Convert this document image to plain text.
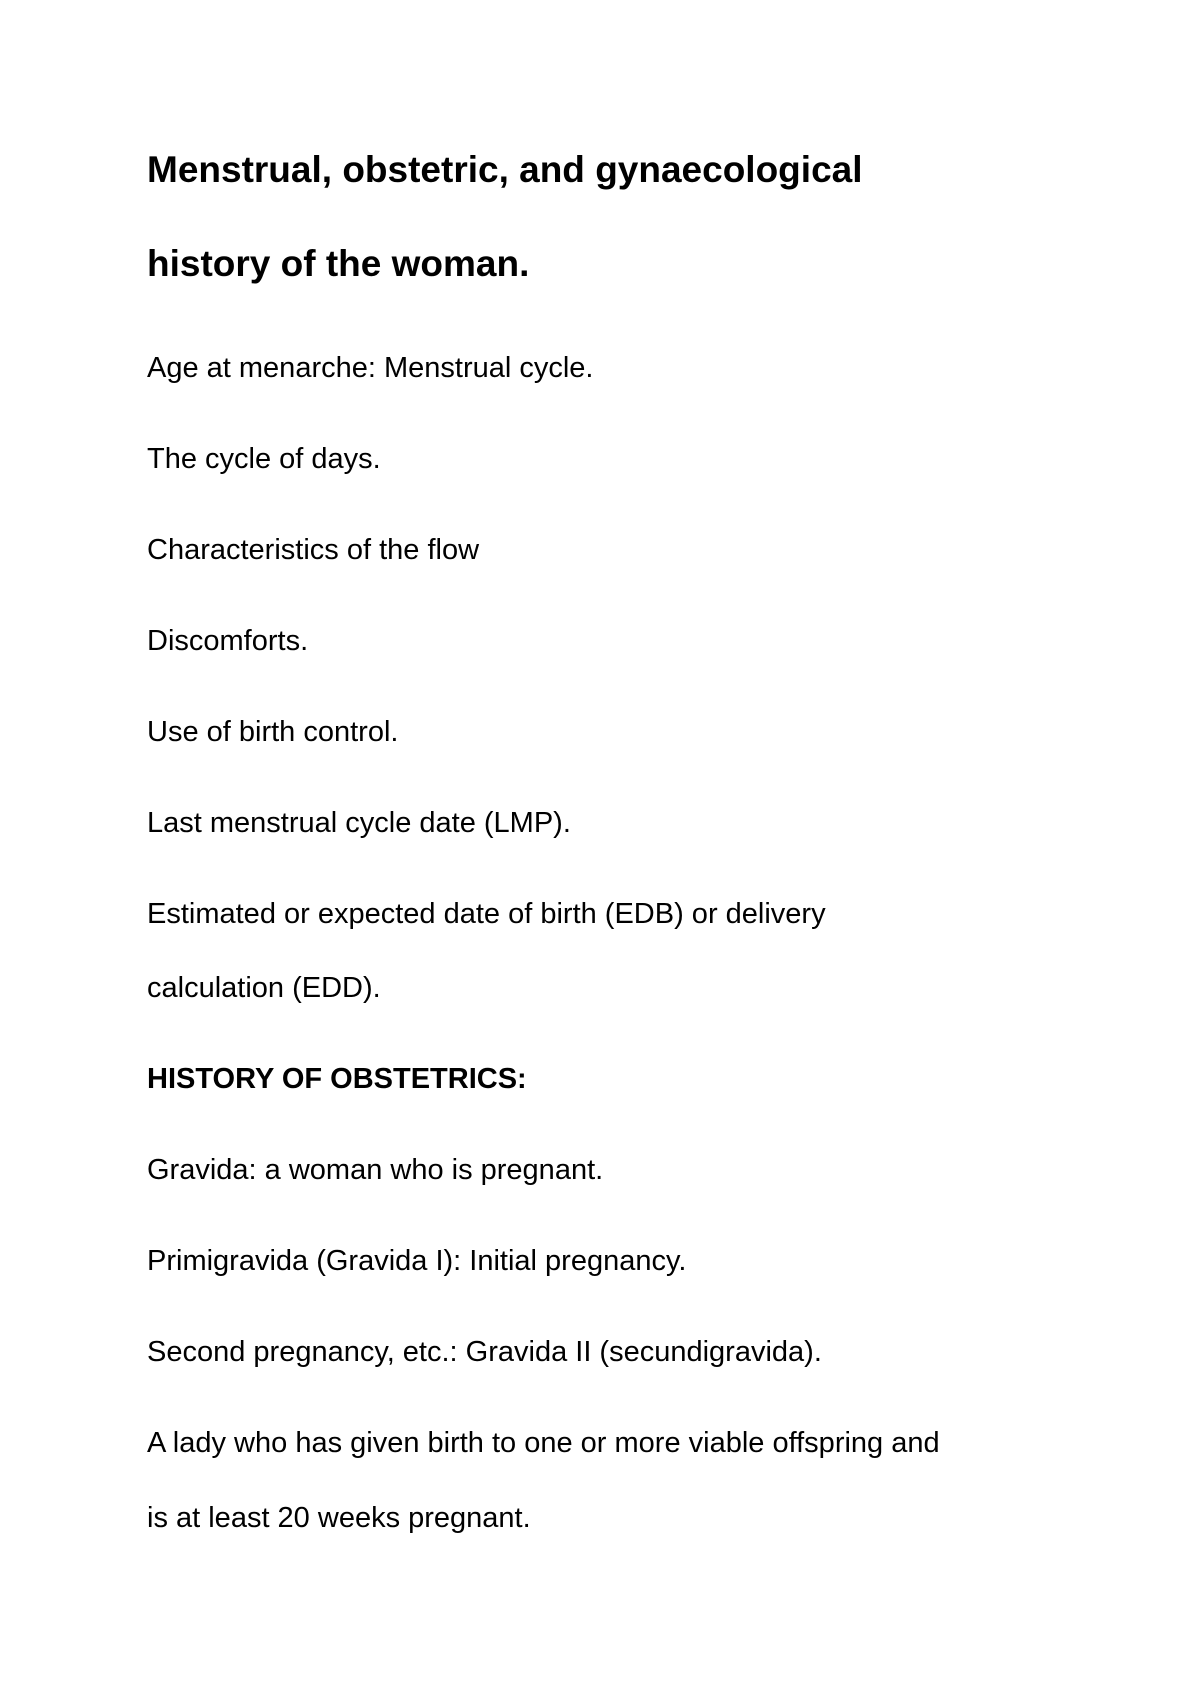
Menstrual, obstetric, and gynaecological
history of the woman.

Age at menarche: Menstrual cycle.

The cycle of days.

Characteristics of the flow

Discomforts.

Use of birth control.

Last menstrual cycle date (LMP).

Estimated or expected date of birth (EDB) or delivery

calculation (EDD).

HISTORY OF OBSTETRICS:

Gravida: a woman who is pregnant.

Primigravida (Gravida I): Initial pregnancy.

Second pregnancy, etc.: Gravida II (secundigravida).

A lady who has given birth to one or more viable offspring and

is at least 20 weeks pregnant.
